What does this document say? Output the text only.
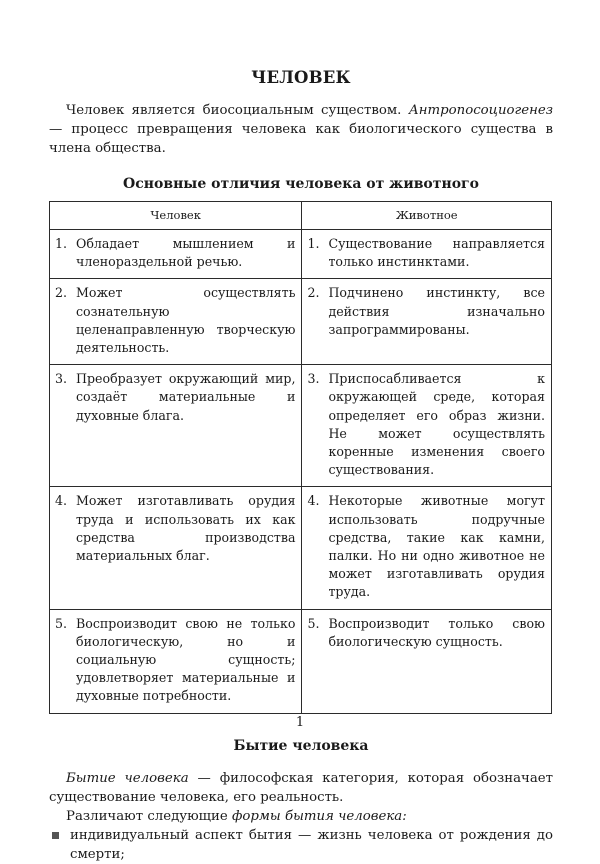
ЧЕЛОВЕК

Человек является биосоциальным существом. Антропосоциогенез — процесс превращения человека как биологического существа в члена общества.

Основные отличия человека от животного
Человек	Животное

1. Обладает мышлением и членораздельной речью.	1. Существование направляется только инстинктами.

2. Может осуществлять сознательную целенаправленную творческую деятельность.	2. Подчинено инстинкту, все действия изначально запрограммированы.

3. Преобразует окружающий мир, создаёт материальные и духовные блага.	3. Приспосабливается к окружающей среде, которая определяет его образ жизни. Не может осуществлять коренные изменения своего существования.

4. Может изготавливать орудия труда и использовать их как средства производства материальных благ.	4. Некоторые животные могут использовать подручные средства, такие как камни, палки. Но ни одно животное не может изготавливать орудия труда.

5. Воспроизводит свою не только биологическую, но и социальную сущность; удовлетворяет материальные и духовные потребности.	5. Воспроизводит только свою биологическую сущность.
Бытие человека

Бытие человека — философская категория, которая обозначает существование человека, его реальность.

Различают следующие формы бытия человека:

индивидуальный аспект бытия — жизнь человека от рождения до смерти;
1
